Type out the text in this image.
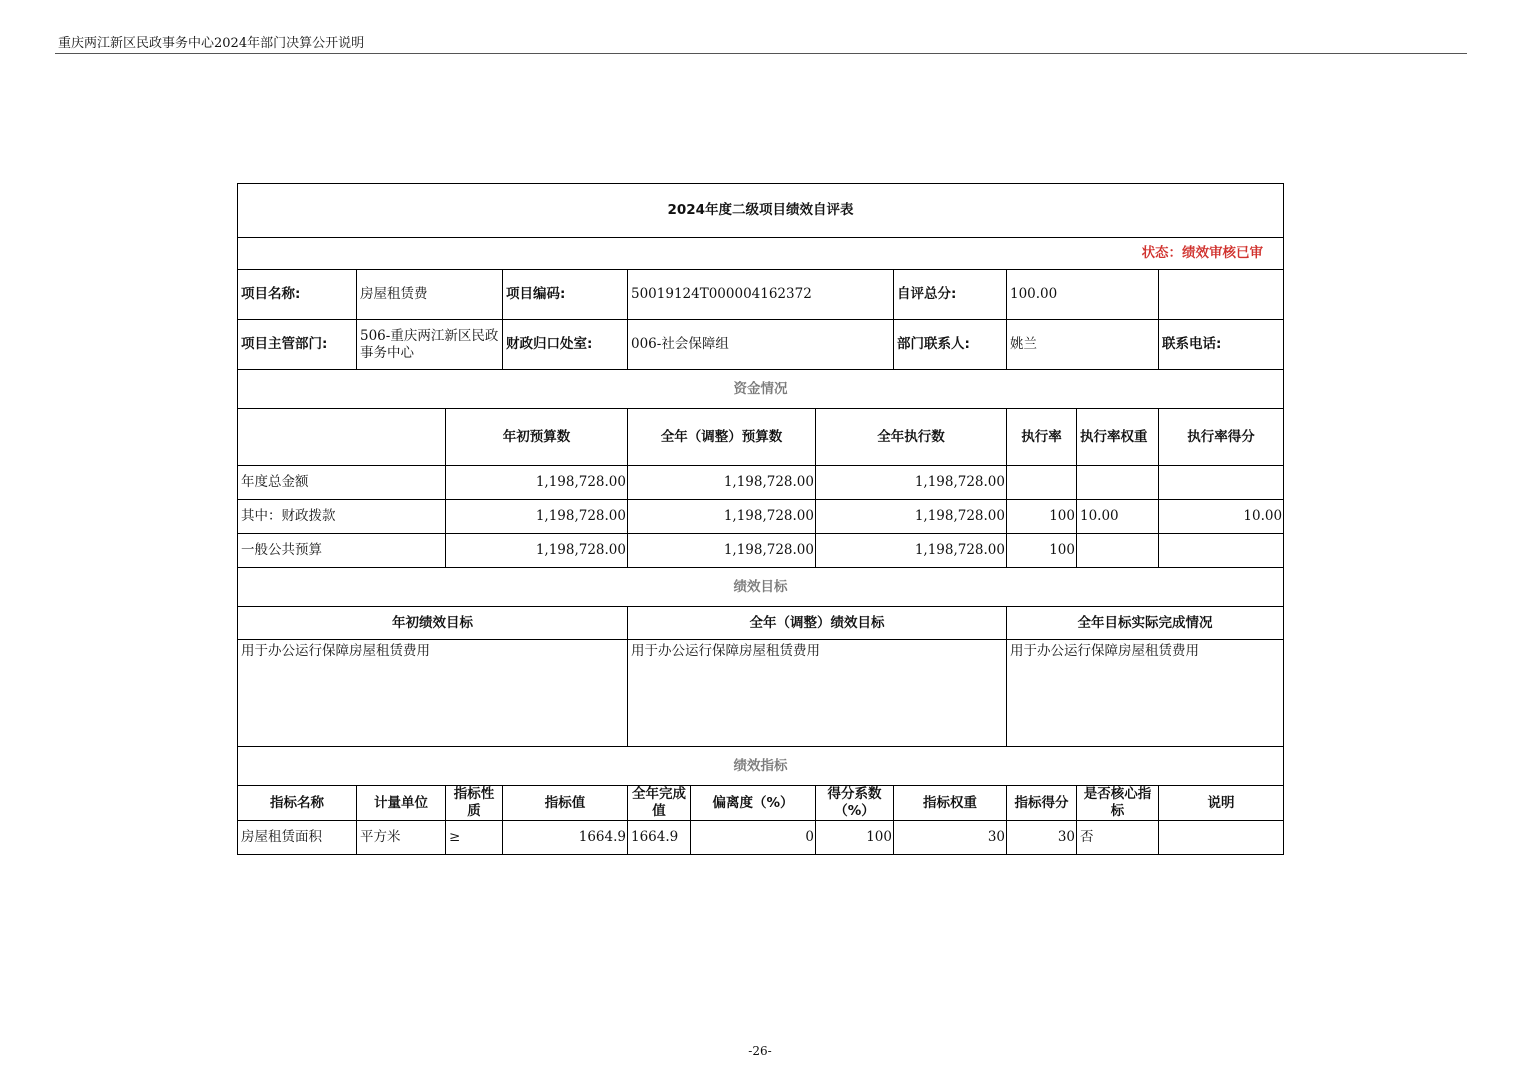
重庆两江新区民政事务中心2024年部门决算公开说明
2024年度二级项目绩效自评表											
状态：绩效审核已审											
项目名称:	房屋租赁费		项目编码:	50019124T000004162372			自评总分:	100.00			
项目主管部门:	506-重庆两江新区民政事务中心		财政归口处室:	006-社会保障组			部门联系人:	姚兰		联系电话:	
资金情况											
		年初预算数		全年（调整）预算数		全年执行数		执行率	执行率权重	执行率得分	
年度总金额		1,198,728.00		1,198,728.00		1,198,728.00					
其中：财政拨款		1,198,728.00		1,198,728.00		1,198,728.00		100	10.00	10.00	
一般公共预算		1,198,728.00		1,198,728.00		1,198,728.00		100			
绩效目标											
年初绩效目标				全年（调整）绩效目标				全年目标实际完成情况			
用于办公运行保障房屋租赁费用				用于办公运行保障房屋租赁费用				用于办公运行保障房屋租赁费用			
绩效指标											
指标名称	计量单位	指标性质	指标值	全年完成值	偏离度（%）	得分系数（%）	指标权重	指标得分	是否核心指标	说明	
房屋租赁面积	平方米	≥	1664.9	1664.9	0	100	30	30	否		
-26-
